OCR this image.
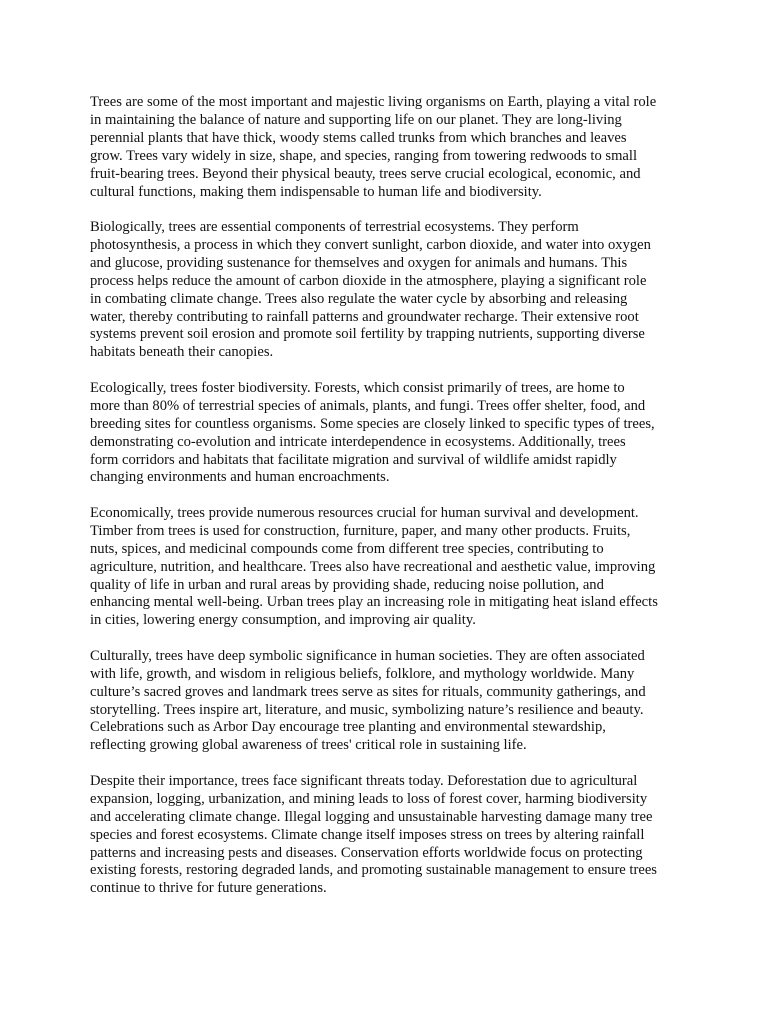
Trees are some of the most important and majestic living organisms on Earth, playing a vital role
in maintaining the balance of nature and supporting life on our planet. They are long-living
perennial plants that have thick, woody stems called trunks from which branches and leaves
grow. Trees vary widely in size, shape, and species, ranging from towering redwoods to small
fruit-bearing trees. Beyond their physical beauty, trees serve crucial ecological, economic, and
cultural functions, making them indispensable to human life and biodiversity.

Biologically, trees are essential components of terrestrial ecosystems. They perform
photosynthesis, a process in which they convert sunlight, carbon dioxide, and water into oxygen
and glucose, providing sustenance for themselves and oxygen for animals and humans. This
process helps reduce the amount of carbon dioxide in the atmosphere, playing a significant role
in combating climate change. Trees also regulate the water cycle by absorbing and releasing
water, thereby contributing to rainfall patterns and groundwater recharge. Their extensive root
systems prevent soil erosion and promote soil fertility by trapping nutrients, supporting diverse
habitats beneath their canopies.

Ecologically, trees foster biodiversity. Forests, which consist primarily of trees, are home to
more than 80% of terrestrial species of animals, plants, and fungi. Trees offer shelter, food, and
breeding sites for countless organisms. Some species are closely linked to specific types of trees,
demonstrating co-evolution and intricate interdependence in ecosystems. Additionally, trees
form corridors and habitats that facilitate migration and survival of wildlife amidst rapidly
changing environments and human encroachments.

Economically, trees provide numerous resources crucial for human survival and development.
Timber from trees is used for construction, furniture, paper, and many other products. Fruits,
nuts, spices, and medicinal compounds come from different tree species, contributing to
agriculture, nutrition, and healthcare. Trees also have recreational and aesthetic value, improving
quality of life in urban and rural areas by providing shade, reducing noise pollution, and
enhancing mental well-being. Urban trees play an increasing role in mitigating heat island effects
in cities, lowering energy consumption, and improving air quality.

Culturally, trees have deep symbolic significance in human societies. They are often associated
with life, growth, and wisdom in religious beliefs, folklore, and mythology worldwide. Many
culture’s sacred groves and landmark trees serve as sites for rituals, community gatherings, and
storytelling. Trees inspire art, literature, and music, symbolizing nature’s resilience and beauty.
Celebrations such as Arbor Day encourage tree planting and environmental stewardship,
reflecting growing global awareness of trees' critical role in sustaining life.

Despite their importance, trees face significant threats today. Deforestation due to agricultural
expansion, logging, urbanization, and mining leads to loss of forest cover, harming biodiversity
and accelerating climate change. Illegal logging and unsustainable harvesting damage many tree
species and forest ecosystems. Climate change itself imposes stress on trees by altering rainfall
patterns and increasing pests and diseases. Conservation efforts worldwide focus on protecting
existing forests, restoring degraded lands, and promoting sustainable management to ensure trees
continue to thrive for future generations.
